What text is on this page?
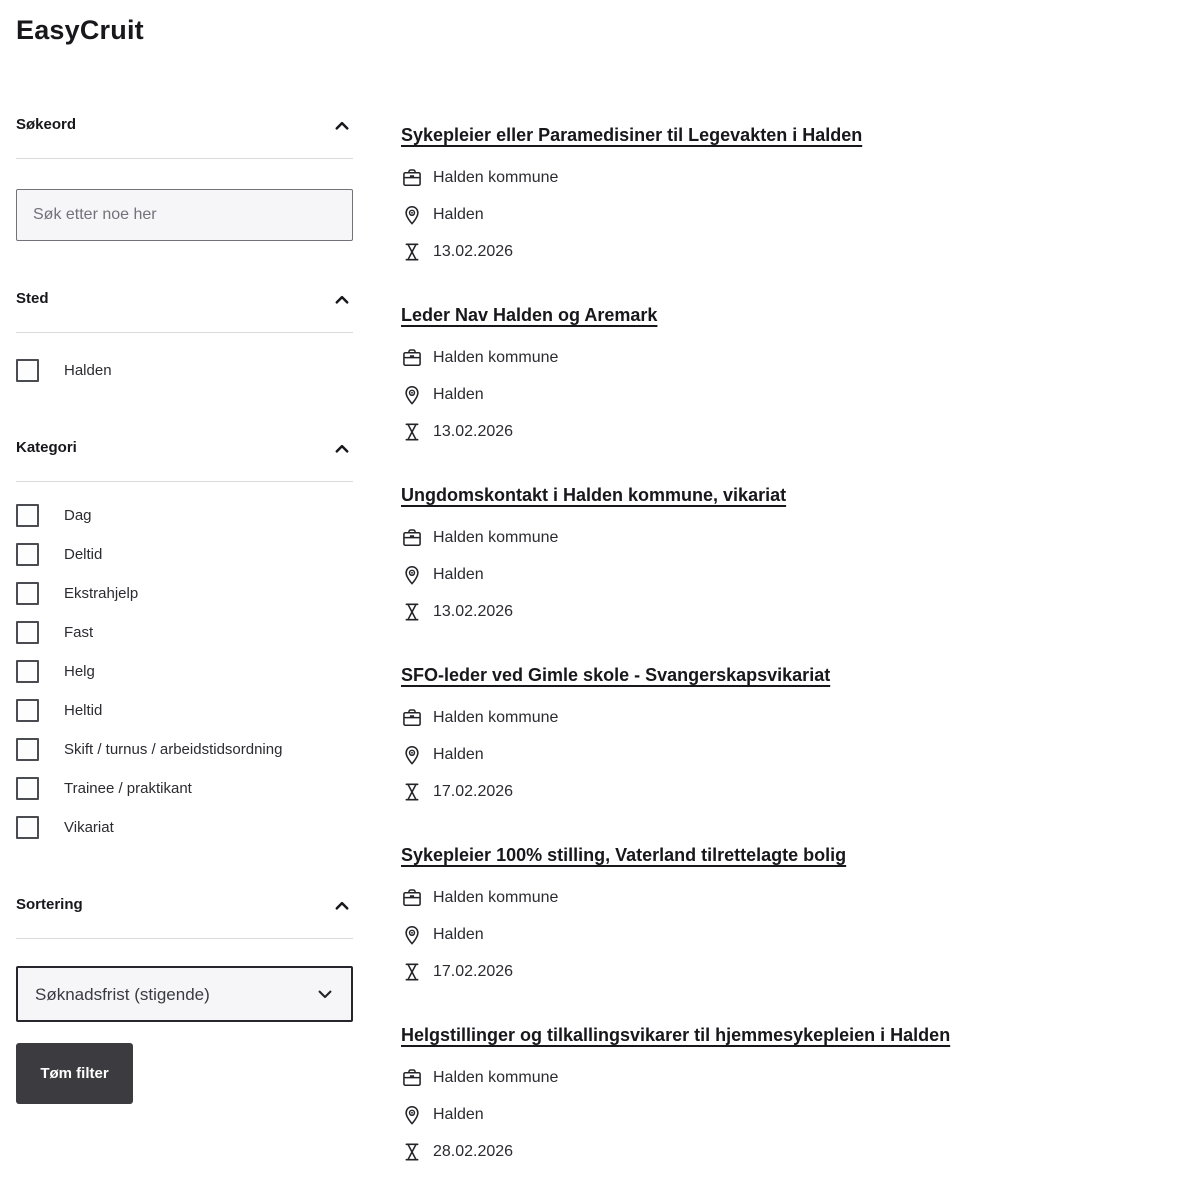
EasyCruit
Søkeord
Søk etter noe her
Sted
Halden
Kategori
Dag
Deltid
Ekstrahjelp
Fast
Helg
Heltid
Skift / turnus / arbeidstidsordning
Trainee / praktikant
Vikariat
Sortering
Søknadsfrist (stigende)
Tøm filter
Sykepleier eller Paramedisiner til Legevakten i Halden
Halden kommune
Halden
13.02.2026
Leder Nav Halden og Aremark
Halden kommune
Halden
13.02.2026
Ungdomskontakt i Halden kommune, vikariat
Halden kommune
Halden
13.02.2026
SFO-leder ved Gimle skole - Svangerskapsvikariat
Halden kommune
Halden
17.02.2026
Sykepleier 100% stilling, Vaterland tilrettelagte bolig
Halden kommune
Halden
17.02.2026
Helgstillinger og tilkallingsvikarer til hjemmesykepleien i Halden
Halden kommune
Halden
28.02.2026
